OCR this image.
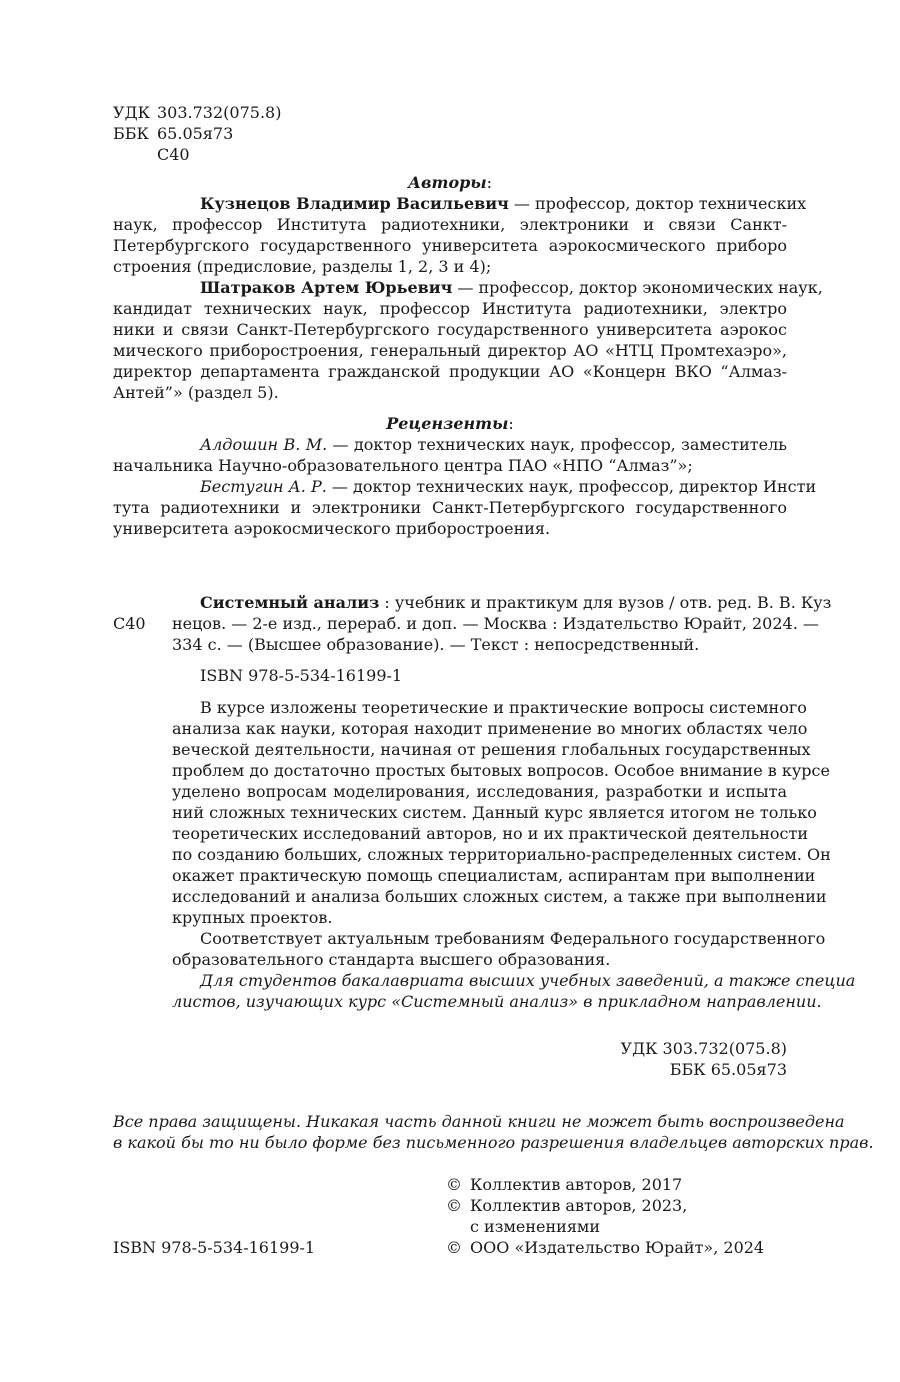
УДК 303.732(075.8)
ББК 65.05я73
С40
Авторы:
Кузнецов Владимир Васильевич — профессор, доктор технических
наук, профессор Института радиотехники, электроники и связи Санкт-
Петербургского государственного университета аэрокосмического приборо
строения (предисловие, разделы 1, 2, 3 и 4);
Шатраков Артем Юрьевич — профессор, доктор экономических наук,
кандидат технических наук, профессор Института радиотехники, электро
ники и связи Санкт-Петербургского государственного университета аэрокос
мического приборостроения, генеральный директор АО «НТЦ Промтехаэро»,
директор департамента гражданской продукции АО «Концерн ВКО “Алмаз-
Антей”» (раздел 5).
Рецензенты:
Алдошин В. М. — доктор технических наук, профессор, заместитель
начальника Научно-образовательного центра ПАО «НПО “Алмаз”»;
Бестугин А. Р. — доктор технических наук, профессор, директор Инсти
тута радиотехники и электроники Санкт-Петербургского государственного
университета аэрокосмического приборостроения.
С40
Системный анализ : учебник и практикум для вузов / отв. ред. В. В. Куз
нецов. — 2-е изд., перераб. и доп. — Москва : Издательство Юрайт, 2024. —
334 с. — (Высшее образование). — Текст : непосредственный.
ISBN 978-5-534-16199-1
В курсе изложены теоретические и практические вопросы системного
анализа как науки, которая находит применение во многих областях чело
веческой деятельности, начиная от решения глобальных государственных
проблем до достаточно простых бытовых вопросов. Особое внимание в курсе
уделено вопросам моделирования, исследования, разработки и испыта
ний сложных технических систем. Данный курс является итогом не только
теоретических исследований авторов, но и их практической деятельности
по созданию больших, сложных территориально-распределенных систем. Он
окажет практическую помощь специалистам, аспирантам при выполнении
исследований и анализа больших сложных систем, а также при выполнении
крупных проектов.
Соответствует актуальным требованиям Федерального государственного
образовательного стандарта высшего образования.
Для студентов бакалавриата высших учебных заведений, а также специа
листов, изучающих курс «Системный анализ» в прикладном направлении.
УДК 303.732(075.8)
ББК 65.05я73
Все права защищены. Никакая часть данной книги не может быть воспроизведена
в какой бы то ни было форме без письменного разрешения владельцев авторских прав.
© Коллектив авторов, 2017
© Коллектив авторов, 2023,
с изменениями
© ООО «Издательство Юрайт», 2024
ISBN 978-5-534-16199-1
